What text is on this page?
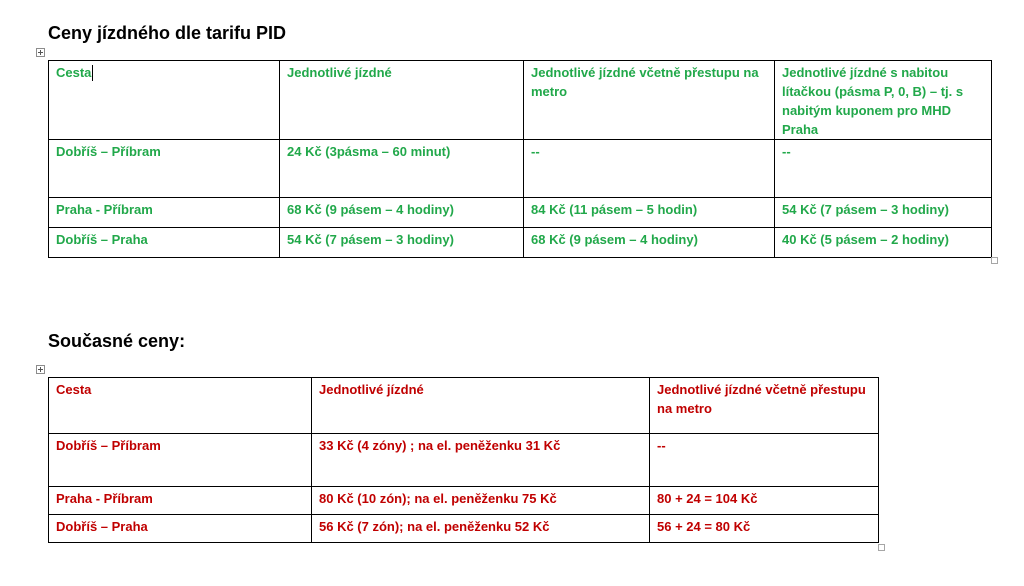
Ceny jízdného dle tarifu PID
Cesta	Jednotlivé jízdné	Jednotlivé jízdné včetně přestupu na metro	Jednotlivé jízdné s nabitou lítačkou (pásma P, 0, B) – tj. s nabitým kuponem pro MHD Praha
Dobříš – Příbram	24 Kč (3pásma – 60 minut)	--	--
Praha - Příbram	68 Kč (9 pásem – 4 hodiny)	84 Kč (11 pásem – 5 hodin)	54 Kč (7 pásem – 3 hodiny)
Dobříš – Praha	54 Kč (7 pásem – 3 hodiny)	68 Kč (9 pásem – 4 hodiny)	40 Kč (5 pásem – 2 hodiny)
Současné ceny:
Cesta	Jednotlivé jízdné	Jednotlivé jízdné včetně přestupu na metro
Dobříš – Příbram	33 Kč (4 zóny) ; na el. peněženku 31 Kč	--
Praha - Příbram	80 Kč (10 zón); na el. peněženku 75 Kč	80 + 24 = 104 Kč
Dobříš – Praha	56 Kč (7 zón); na el. peněženku 52 Kč	56 + 24 = 80 Kč
